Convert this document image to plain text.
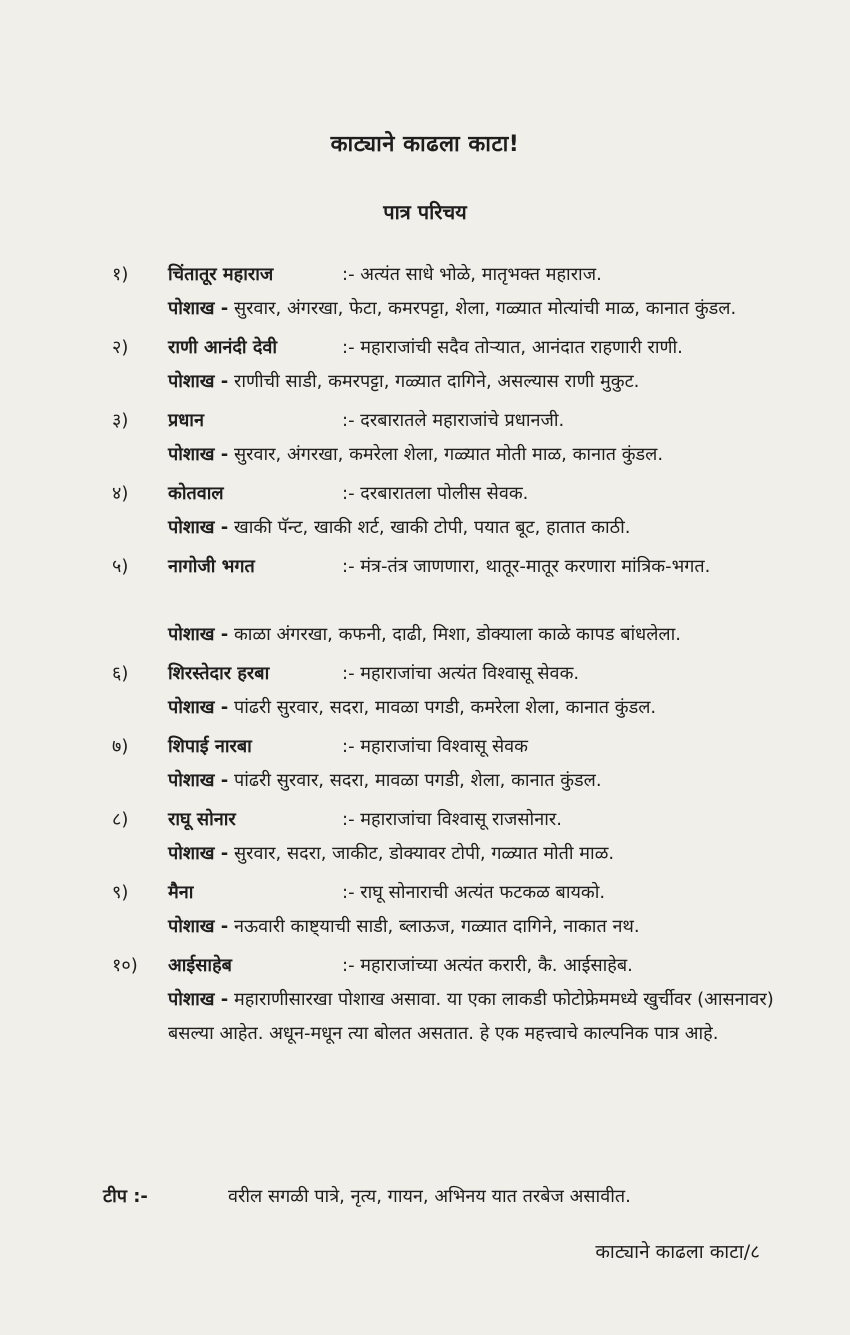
काट्याने काढला काटा!
पात्र परिचय
१)	चिंतातूर महाराज	:- अत्यंत साधे भोळे, मातृभक्त महाराज.
पोशाख - सुरवार, अंगरखा, फेटा, कमरपट्टा, शेला, गळ्यात मोत्यांची माळ, कानात कुंडल.
२)	राणी आनंदी देवी	:- महाराजांची सदैव तोऱ्यात, आनंदात राहणारी राणी.
पोशाख - राणीची साडी, कमरपट्टा, गळ्यात दागिने, असल्यास राणी मुकुट.
३)	प्रधान	:- दरबारातले महाराजांचे प्रधानजी.
पोशाख - सुरवार, अंगरखा, कमरेला शेला, गळ्यात मोती माळ, कानात कुंडल.
४)	कोतवाल	:- दरबारातला पोलीस सेवक.
पोशाख - खाकी पॅन्ट, खाकी शर्ट, खाकी टोपी, पयात बूट, हातात काठी.
५)	नागोजी भगत	:- मंत्र-तंत्र जाणणारा, थातूर-मातूर करणारा मांत्रिक-भगत.
पोशाख - काळा अंगरखा, कफनी, दाढी, मिशा, डोक्याला काळे कापड बांधलेला.
६)	शिरस्तेदार हरबा	:- महाराजांचा अत्यंत विश्वासू सेवक.
पोशाख - पांढरी सुरवार, सदरा, मावळा पगडी, कमरेला शेला, कानात कुंडल.
७)	शिपाई नारबा	:- महाराजांचा विश्वासू सेवक
पोशाख - पांढरी सुरवार, सदरा, मावळा पगडी, शेला, कानात कुंडल.
८)	राघू सोनार	:- महाराजांचा विश्वासू राजसोनार.
पोशाख - सुरवार, सदरा, जाकीट, डोक्यावर टोपी, गळ्यात मोती माळ.
९)	मैना	:- राघू सोनाराची अत्यंत फटकळ बायको.
पोशाख - नऊवारी काष्ट्याची साडी, ब्लाऊज, गळ्यात दागिने, नाकात नथ.
१०)	आईसाहेब	:- महाराजांच्या अत्यंत करारी, कै. आईसाहेब.
पोशाख - महाराणीसारखा पोशाख असावा. या एका लाकडी फोटोफ्रेममध्ये खुर्चीवर (आसनावर) बसल्या आहेत. अधून-मधून त्या बोलत असतात. हे एक महत्त्वाचे काल्पनिक पात्र आहे.
टीप :-	वरील सगळी पात्रे, नृत्य, गायन, अभिनय यात तरबेज असावीत.
काट्याने काढला काटा/८
